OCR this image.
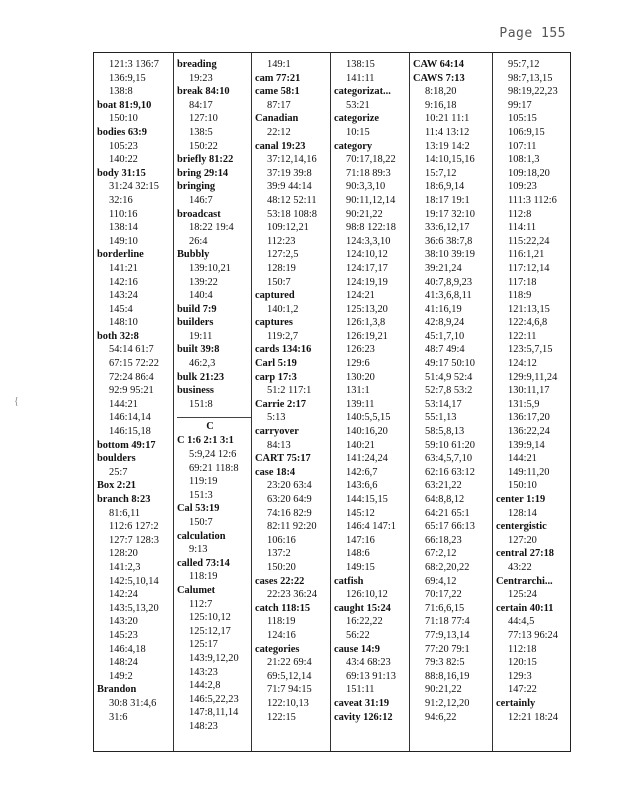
Page 155
{
121:3 136:7
136:9,15
138:8
boat 81:9,10
150:10
bodies 63:9
105:23
140:22
body 31:15
31:24 32:15
32:16
110:16
138:14
149:10
borderline
141:21
142:16
143:24
145:4
148:10
both 32:8
54:14 61:7
67:15 72:22
72:24 86:4
92:9 95:21
144:21
146:14,14
146:15,18
bottom 49:17
boulders
25:7
Box 2:21
branch 8:23
81:6,11
112:6 127:2
127:7 128:3
128:20
141:2,3
142:5,10,14
142:24
143:5,13,20
143:20
145:23
146:4,18
148:24
149:2
Brandon
30:8 31:4,6
31:6
breading
19:23
break 84:10
84:17
127:10
138:5
150:22
briefly 81:22
bring 29:14
bringing
146:7
broadcast
18:22 19:4
26:4
Bubbly
139:10,21
139:22
140:4
build 7:9
builders
19:11
built 39:8
46:2,3
bulk 21:23
business
151:8
C
C 1:6 2:1 3:1
5:9,24 12:6
69:21 118:8
119:19
151:3
Cal 53:19
150:7
calculation
9:13
called 73:14
118:19
Calumet
112:7
125:10,12
125:12,17
125:17
143:9,12,20
143:23
144:2,8
146:5,22,23
147:8,11,14
148:23
149:1
cam 77:21
came 58:1
87:17
Canadian
22:12
canal 19:23
37:12,14,16
37:19 39:8
39:9 44:14
48:12 52:11
53:18 108:8
109:12,21
112:23
127:2,5
128:19
150:7
captured
140:1,2
captures
119:2,7
cards 134:16
Carl 5:19
carp 17:3
51:2 117:1
Carrie 2:17
5:13
carryover
84:13
CART 75:17
case 18:4
23:20 63:4
63:20 64:9
74:16 82:9
82:11 92:20
106:16
137:2
150:20
cases 22:22
22:23 36:24
catch 118:15
118:19
124:16
categories
21:22 69:4
69:5,12,14
71:7 94:15
122:10,13
122:15
138:15
141:11
categorizat...
53:21
categorize
10:15
category
70:17,18,22
71:18 89:3
90:3,3,10
90:11,12,14
90:21,22
98:8 122:18
124:3,3,10
124:10,12
124:17,17
124:19,19
124:21
125:13,20
126:1,3,8
126:19,21
126:23
129:6
130:20
131:1
139:11
140:5,5,15
140:16,20
140:21
141:24,24
142:6,7
143:6,6
144:15,15
145:12
146:4 147:1
147:16
148:6
149:15
catfish
126:10,12
caught 15:24
16:22,22
56:22
cause 14:9
43:4 68:23
69:13 91:13
151:11
caveat 31:19
cavity 126:12
CAW 64:14
CAWS 7:13
8:18,20
9:16,18
10:21 11:1
11:4 13:12
13:19 14:2
14:10,15,16
15:7,12
18:6,9,14
18:17 19:1
19:17 32:10
33:6,12,17
36:6 38:7,8
38:10 39:19
39:21,24
40:7,8,9,23
41:3,6,8,11
41:16,19
42:8,9,24
45:1,7,10
48:7 49:4
49:17 50:10
51:4,9 52:4
52:7,8 53:2
53:14,17
55:1,13
58:5,8,13
59:10 61:20
63:4,5,7,10
62:16 63:12
63:21,22
64:8,8,12
64:21 65:1
65:17 66:13
66:18,23
67:2,12
68:2,20,22
69:4,12
70:17,22
71:6,6,15
71:18 77:4
77:9,13,14
77:20 79:1
79:3 82:5
88:8,16,19
90:21,22
91:2,12,20
94:6,22
95:7,12
98:7,13,15
98:19,22,23
99:17
105:15
106:9,15
107:11
108:1,3
109:18,20
109:23
111:3 112:6
112:8
114:11
115:22,24
116:1,21
117:12,14
117:18
118:9
121:13,15
122:4,6,8
122:11
123:5,7,15
124:12
129:9,11,24
130:11,17
131:5,9
136:17,20
136:22,24
139:9,14
144:21
149:11,20
150:10
center 1:19
128:14
centergistic
127:20
central 27:18
43:22
Centrarchi...
125:24
certain 40:11
44:4,5
77:13 96:24
112:18
120:15
129:3
147:22
certainly
12:21 18:24
